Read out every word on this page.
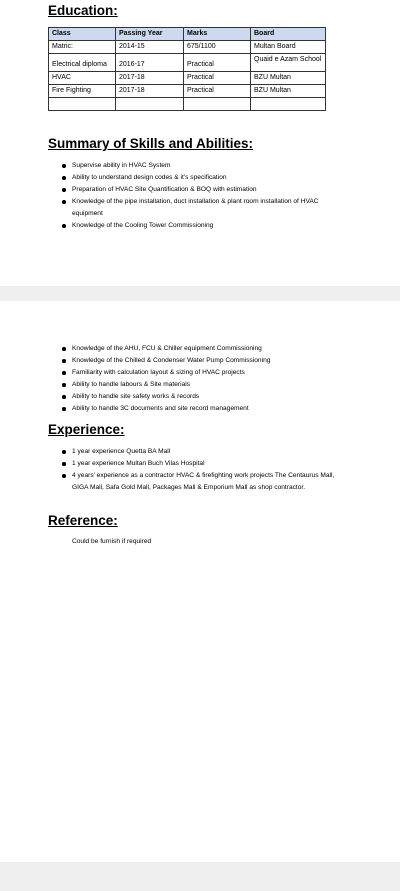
Education:
Class	Passing Year	Marks	Board
Matric:	2014-15	675/1100	Multan Board
Electrical diploma	2016-17	Practical	Quaid e Azam School
HVAC	2017-18	Practical	BZU Multan
Fire Fighting	2017-18	Practical	BZU Multan

Summary of Skills and Abilities:
Supervise ability in HVAC System
Ability to understand design codes & it’s specification
Preparation of HVAC Site Quantification & BOQ with estimation
Knowledge of the pipe installation, duct installation & plant room installation of HVAC equipment
Knowledge of the Cooling Tower Commissioning
Knowledge of the AHU, FCU & Chiller equipment Commissioning
Knowledge of the Chilled & Condenser Water Pump Commissioning
Familiarity with calculation layout & sizing of HVAC projects
Ability to handle labours & Site materials
Ability to handle site safety works & records
Ability to handle 3C documents and site record management
Experience:
1 year experience Quetta BA Mall
1 year experience Multan Buch Vilas Hospital
4 years’ experience as a contractor HVAC & firefighting work projects The Centaurus Mall, GIGA Mall, Safa Gold Mall, Packages Mall & Emporium Mall as shop contractor.
Reference:

Could be furnish if required
